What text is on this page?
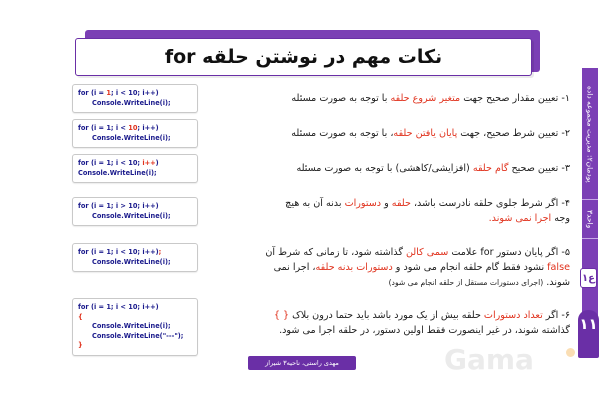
نکات مهم در نوشتن حلقه for
پودمان۲: مدیریت مجموعه داده
واحد۳
ع۱
۱۱
for (i = 1; i < 10; i++)
Console.WriteLine(i);
for (i = 1; i < 10; i++)
Console.WriteLine(i);
for (i = 1; i < 10; i++)
Console.WriteLine(i);
for (i = 1; i > 10; i++)
Console.WriteLine(i);
for (i = 1; i < 10; i++);
Console.WriteLine(i);
for (i = 1; i < 10; i++)
{
Console.WriteLine(i);
Console.WriteLine("---");
}
۱- تعیین مقدار صحیح جهت متغیر شروع حلقه با توجه به صورت مسئله
۲- تعیین شرط صحیح، جهت پایان یافتن حلقه، با توجه به صورت مسئله
۳- تعیین صحیح گام حلقه (افزایشی/کاهشی) با توجه به صورت مسئله
۴- اگر شرط جلوی حلقه نادرست باشد، حلقه و دستورات بدنه آن به هیچ
وجه اجرا نمی شوند.
۵- اگر پایان دستور for علامت سمی کالن گذاشته شود، تا زمانی که شرط آن
false نشود فقط گام حلقه انجام می شود و دستورات بدنه حلقه، اجرا نمی
شوند. (اجرای دستورات مستقل از حلقه انجام می شود)
۶- اگر تعداد دستورات حلقه بیش از یک مورد باشد باید حتما درون بلاک { }
گذاشته شوند، در غیر اینصورت فقط اولین دستور، در حلقه اجرا می شود.
مهدی راستی، ناحیه۳ شیراز	Gama
